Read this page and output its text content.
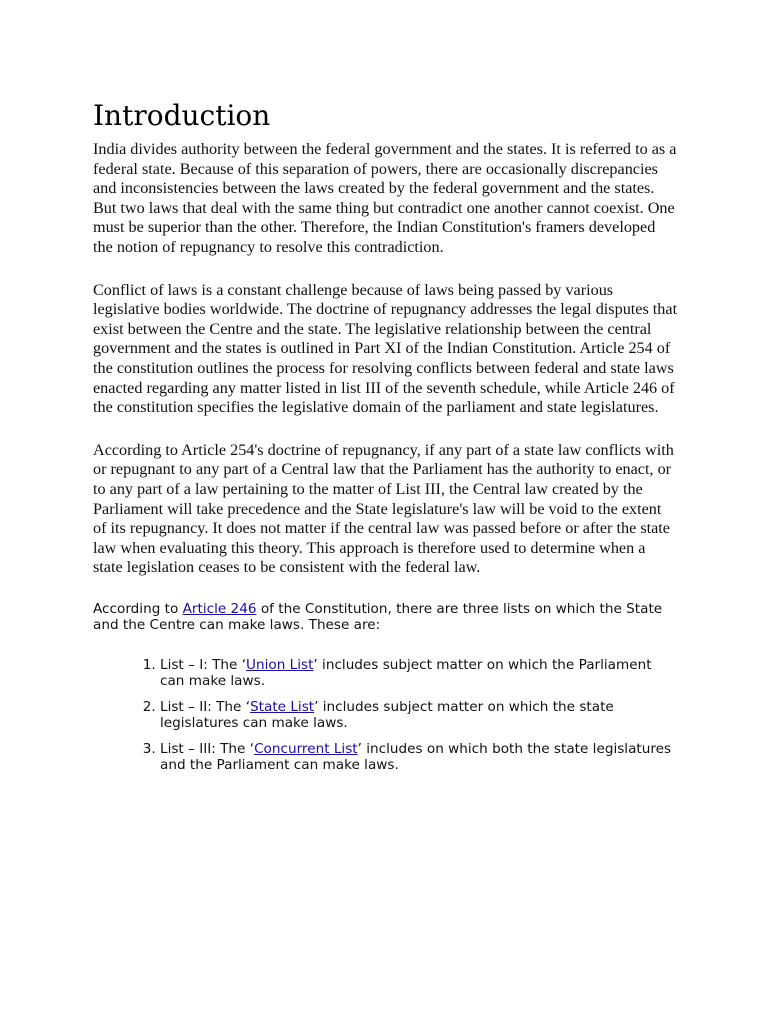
Introduction

India divides authority between the federal government and the states. It is referred to as a federal state. Because of this separation of powers, there are occasionally discrepancies and inconsistencies between the laws created by the federal government and the states. But two laws that deal with the same thing but contradict one another cannot coexist. One must be superior than the other. Therefore, the Indian Constitution's framers developed the notion of repugnancy to resolve this contradiction.

Conflict of laws is a constant challenge because of laws being passed by various legislative bodies worldwide. The doctrine of repugnancy addresses the legal disputes that exist between the Centre and the state. The legislative relationship between the central government and the states is outlined in Part XI of the Indian Constitution. Article 254 of the constitution outlines the process for resolving conflicts between federal and state laws enacted regarding any matter listed in list III of the seventh schedule, while Article 246 of the constitution specifies the legislative domain of the parliament and state legislatures.

According to Article 254's doctrine of repugnancy, if any part of a state law conflicts with or repugnant to any part of a Central law that the Parliament has the authority to enact, or to any part of a law pertaining to the matter of List III, the Central law created by the Parliament will take precedence and the State legislature's law will be void to the extent of its repugnancy. It does not matter if the central law was passed before or after the state law when evaluating this theory. This approach is therefore used to determine when a state legislation ceases to be consistent with the federal law.

According to Article 246 of the Constitution, there are three lists on which the State and the Centre can make laws. These are:

1. List – I: The ‘Union List’ includes subject matter on which the Parliament can make laws.
2. List – II: The ‘State List’ includes subject matter on which the state legislatures can make laws.
3. List – III: The ‘Concurrent List’ includes on which both the state legislatures and the Parliament can make laws.
